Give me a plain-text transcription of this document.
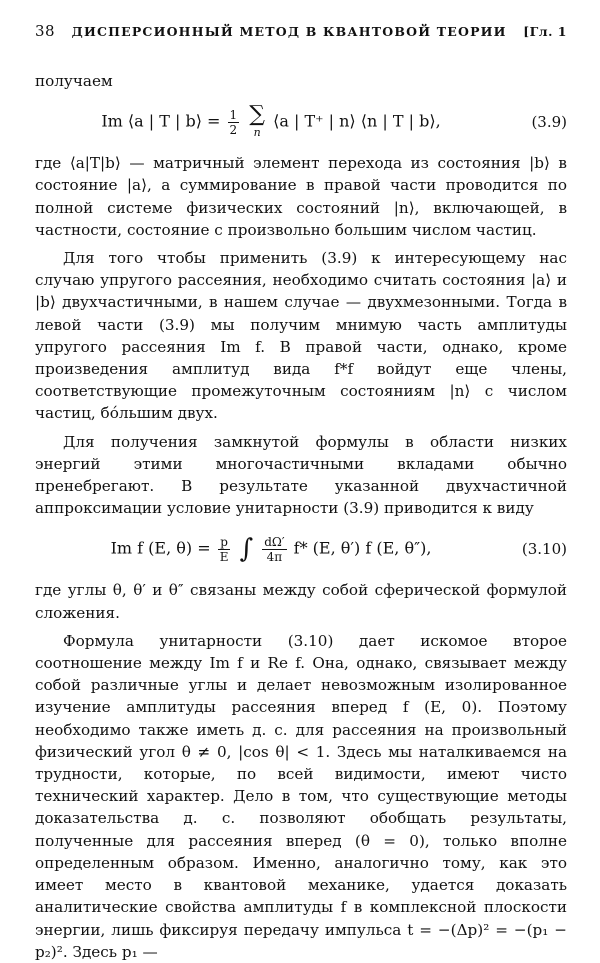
38 ДИСПЕРСИОННЫЙ МЕТОД В КВАНТОВОЙ ТЕОРИИ [Гл. 1

получаем

Im ⟨a | T | b⟩ = $\frac{1}{2}$
∑
n
⟨a | T⁺ | n⟩ ⟨n | T | b⟩,	(3.9)

где ⟨a|T|b⟩ — матричный элемент перехода из состояния |b⟩ в состояние |a⟩, а суммирование в правой части проводится по полной системе физических состояний |n⟩, включающей, в частности, состояние с произвольно большим числом частиц.

Для того чтобы применить (3.9) к интересующему нас случаю упругого рассеяния, необходимо считать состояния |a⟩ и |b⟩ двухчастичными, в нашем случае — двухмезонными. Тогда в левой части (3.9) мы получим мнимую часть амплитуды упругого рассеяния Im f. В правой части, однако, кроме произведения амплитуд вида f*f войдут еще члены, соответствующие промежуточным состояниям |n⟩ с числом частиц, бо́льшим двух.

Для получения замкнутой формулы в области низких энергий этими многочастичными вкладами обычно пренебрегают. В результате указанной двухчастичной аппроксимации условие унитарности (3.9) приводится к виду

Im f (E, $\theta) = \frac{p}{E}$ ∫ $\frac{d\Omega'}{4\pi} f*$ (E, θ′) f (E, θ″),	(3.10)

где углы θ, θ′ и θ″ связаны между собой сферической формулой сложения.

Формула унитарности (3.10) дает искомое второе соотношение между Im f и Re f. Она, однако, связывает между собой различные углы и делает невозможным изолированное изучение амплитуды рассеяния вперед f (E, 0). Поэтому необходимо также иметь д. с. для рассеяния на произвольный физический угол θ ≠ 0, |cos θ| < 1. Здесь мы наталкиваемся на трудности, которые, по всей видимости, имеют чисто технический характер. Дело в том, что существующие методы доказательства д. с. позволяют обобщать результаты, полученные для рассеяния вперед (θ = 0), только вполне определенным образом. Именно, аналогично тому, как это имеет место в квантовой механике, удается доказать аналитические свойства амплитуды f в комплексной плоскости энергии, лишь фиксируя передачу импульса t = −(Δp)² = −(p₁ − p₂)². Здесь p₁ —
